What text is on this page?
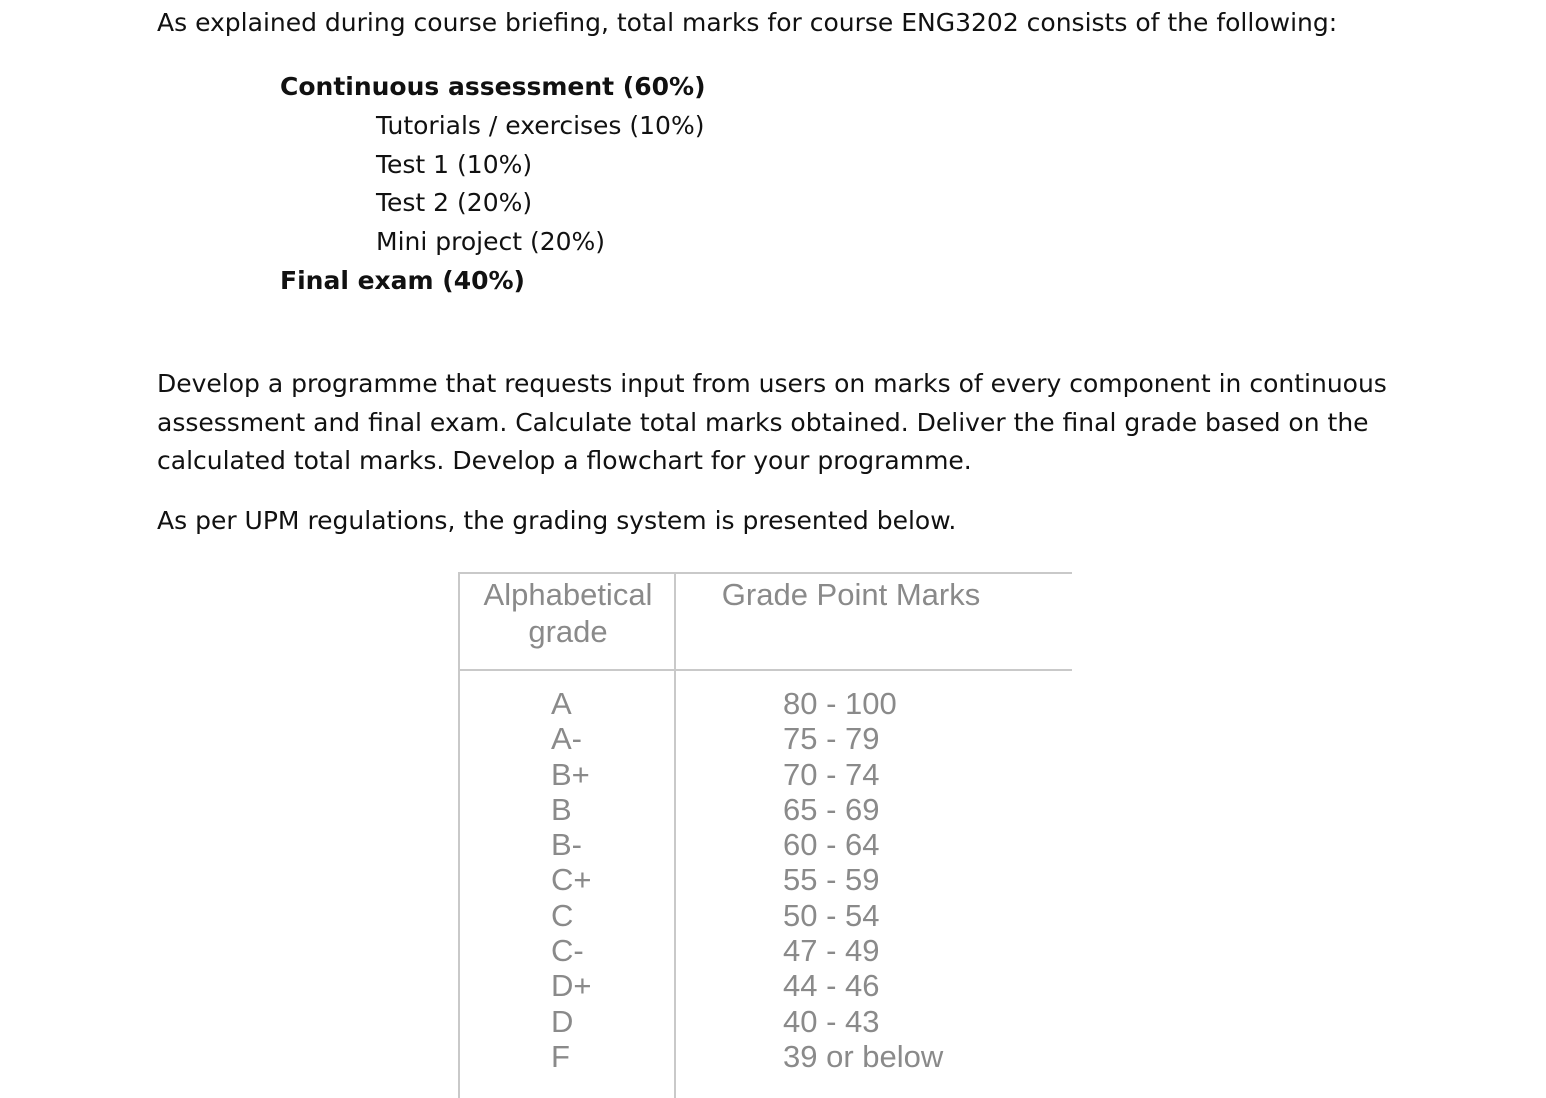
As explained during course briefing, total marks for course ENG3202 consists of the following:

Continuous assessment (60%)
Tutorials / exercises (10%)
Test 1 (10%)
Test 2 (20%)
Mini project (20%)
Final exam (40%)

Develop a programme that requests input from users on marks of every component in continuous assessment and final exam. Calculate total marks obtained. Deliver the final grade based on the calculated total marks. Develop a flowchart for your programme.

As per UPM regulations, the grading system is presented below.

Alphabetical grade
Grade Point Marks
A
A-
B+
B
B-
C+
C
C-
D+
D
F
80 - 100
75 - 79
70 - 74
65 - 69
60 - 64
55 - 59
50 - 54
47 - 49
44 - 46
40 - 43
39 or below
